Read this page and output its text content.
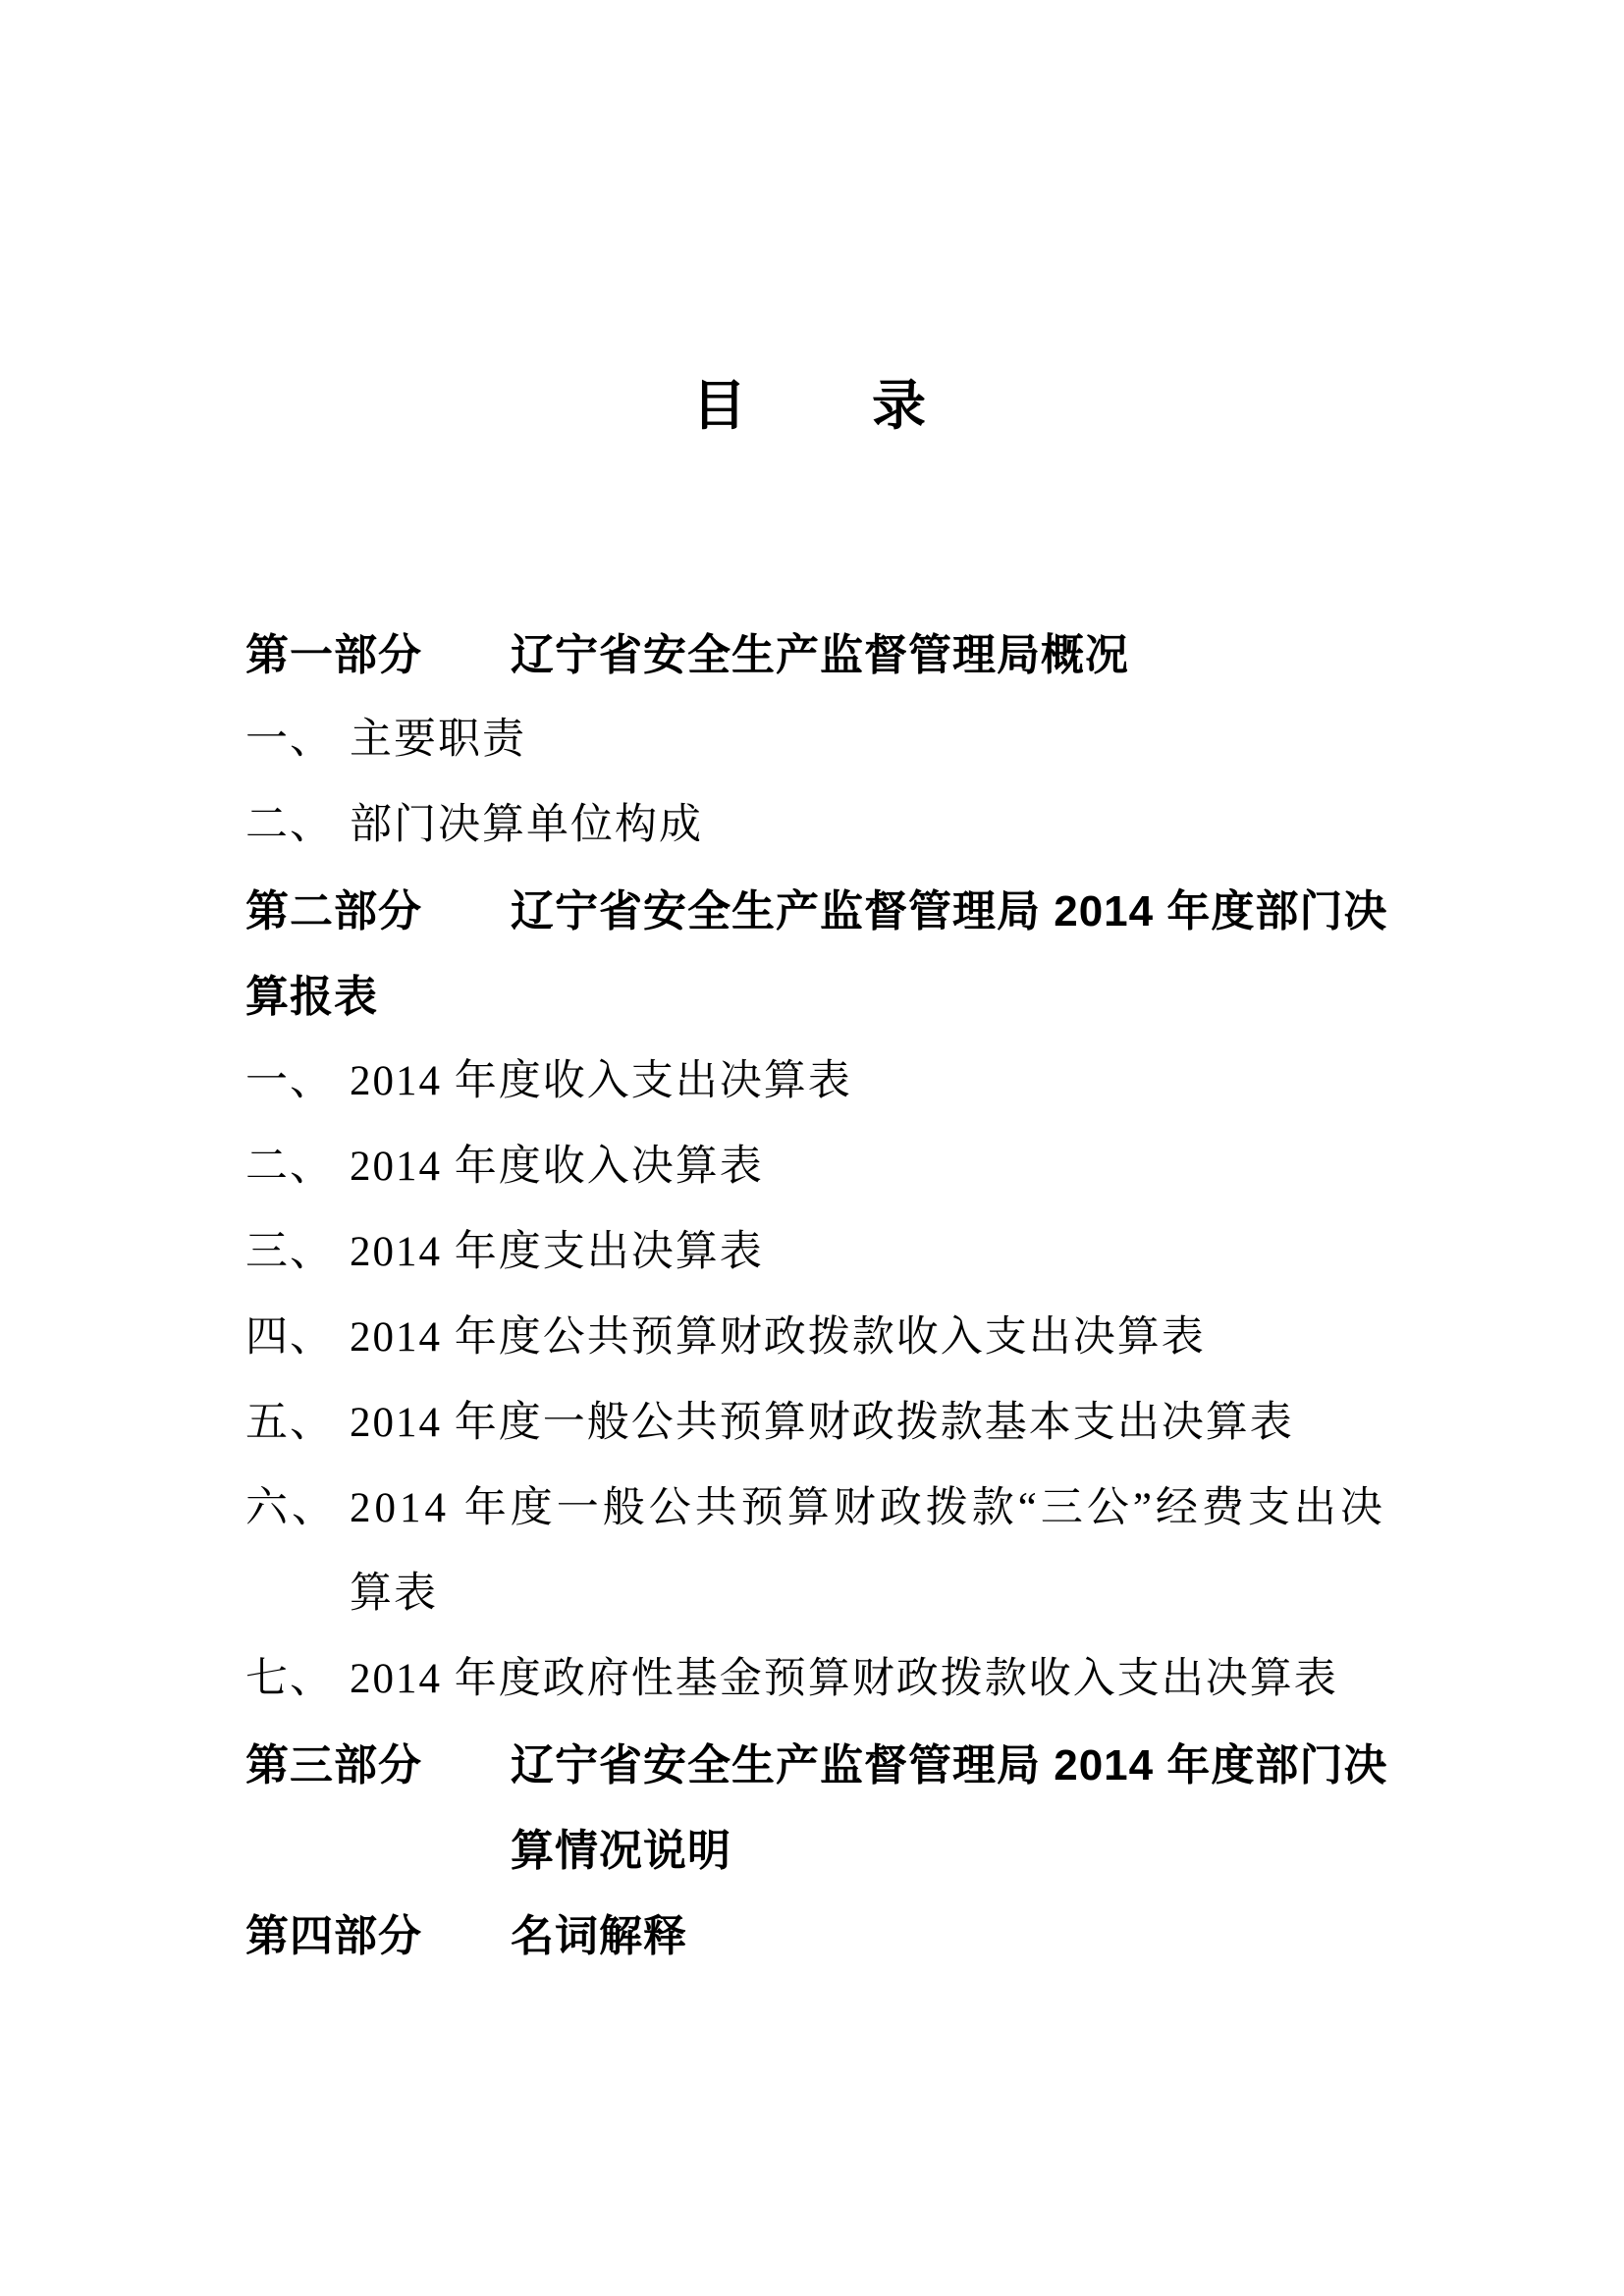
目　　录
第一部分	辽宁省安全生产监督管理局概况
一、 主要职责
二、 部门决算单位构成
第二部分	辽宁省安全生产监督管理局 2014 年度部门决
算报表
一、 2014 年度收入支出决算表
二、 2014 年度收入决算表
三、 2014 年度支出决算表
四、 2014 年度公共预算财政拨款收入支出决算表
五、 2014 年度一般公共预算财政拨款基本支出决算表
六、 2014 年度一般公共预算财政拨款“三公”经费支出决
算表
七、 2014 年度政府性基金预算财政拨款收入支出决算表
第三部分	辽宁省安全生产监督管理局 2014 年度部门决
算情况说明
第四部分	名词解释
